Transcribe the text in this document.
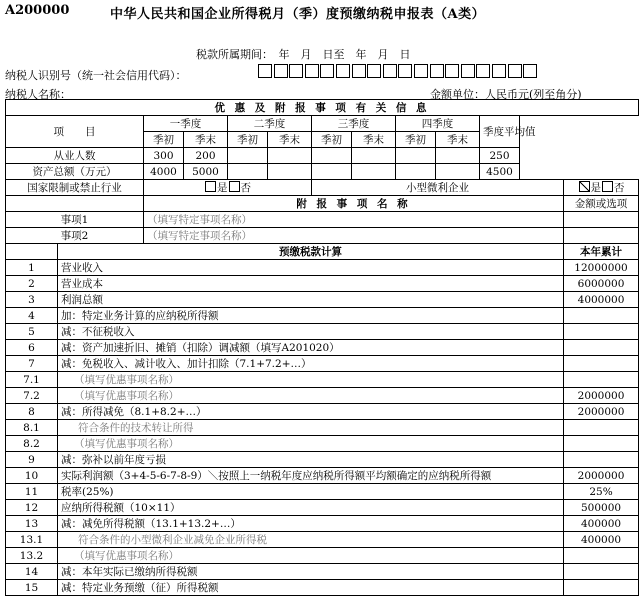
A200000	中华人民共和国企业所得税月（季）度预缴纳税申报表（A类）
税款所属期间：　年　月　日至　年　月　日
纳税人识别号（统一社会信用代码）：
纳税人名称：	金额单位：人民币元(列至角分)
优 惠 及 附 报 事 项 有 关 信 息											
项　　目		一季度		二季度		三季度		四季度		季度平均值	
		季初	季末	季初	季末	季初	季末	季初	季末		
从业人数		300	200							250	
资产总额（万元）		4000	5000							4500	
国家限制或禁止行业		是 否				小型微利企业					是 否
		附 报 事 项 名 称									金额或选项
事项1		（填写特定事项名称）									
事项2		（填写特定事项名称）									
	预缴税款计算										本年累计
1	营业收入										12000000
2	营业成本										6000000
3	利润总额										4000000
4	加：特定业务计算的应纳税所得额										
5	减：不征税收入										
6	减：资产加速折旧、摊销（扣除）调减额（填写A201020）										
7	减：免税收入、减计收入、加计扣除（7.1+7.2+…）										
7.1	（填写优惠事项名称）										
7.2	（填写优惠事项名称）										2000000
8	减：所得减免（8.1+8.2+…）										2000000
8.1	符合条件的技术转让所得										
8.2	（填写优惠事项名称）										
9	减：弥补以前年度亏损										
10	实际利润额（3+4-5-6-7-8-9）＼按照上一纳税年度应纳税所得额平均额确定的应纳税所得额										2000000
11	税率(25%)										25%
12	应纳所得税额（10×11）										500000
13	减：减免所得税额（13.1+13.2+…）										400000
13.1	符合条件的小型微利企业减免企业所得税										400000
13.2	（填写优惠事项名称）										
14	减：本年实际已缴纳所得税额										
15	减：特定业务预缴（征）所得税额										
